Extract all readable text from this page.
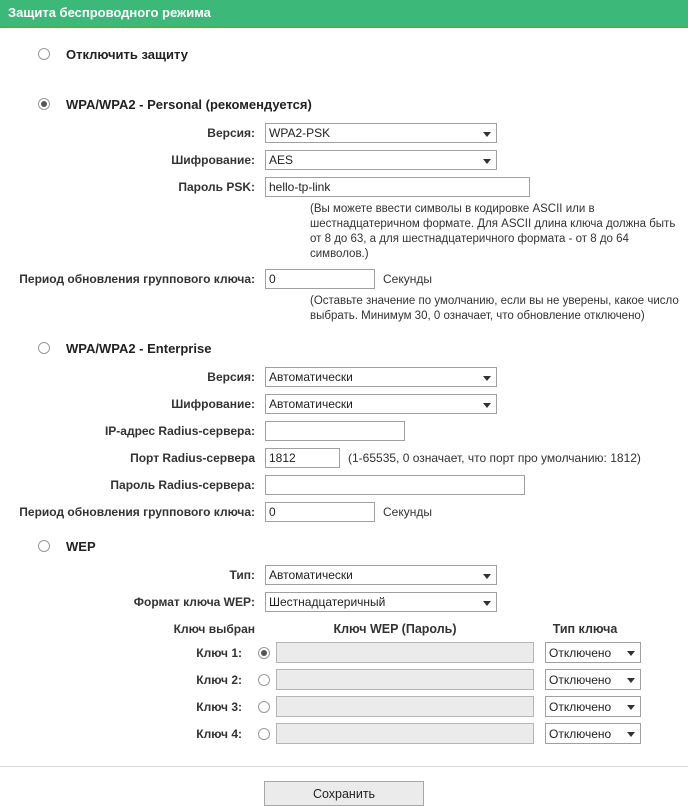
Защита беспроводного режима
Отключить защиту
WPA/WPA2 - Personal (рекомендуется)
Версия:
WPA2-PSK
Шифрование:
AES
Пароль PSK:
hello-tp-link
(Вы можете ввести символы в кодировке ASCII или в шестнадцатеричном формате. Для ASCII длина ключа должна быть от 8 до 63, а для шестнадцатеричного формата - от 8 до 64 символов.)
Период обновления группового ключа:
0	Секунды
(Оставьте значение по умолчанию, если вы не уверены, какое число выбрать. Минимум 30, 0 означает, что обновление отключено)
WPA/WPA2 - Enterprise
Версия:
Автоматически
Шифрование:
Автоматически
IP-адрес Radius-сервера:
Порт Radius-сервера
1812	(1-65535, 0 означает, что порт про умолчанию: 1812)
Пароль Radius-сервера:
Период обновления группового ключа:
0	Секунды
WEP
Тип:
Автоматически
Формат ключа WEP:
Шестнадцатеричный
Ключ выбран	Ключ WEP (Пароль)	Тип ключа
Ключ 1:
Отключено
Ключ 2:
Отключено
Ключ 3:
Отключено
Ключ 4:
Отключено
Сохранить
